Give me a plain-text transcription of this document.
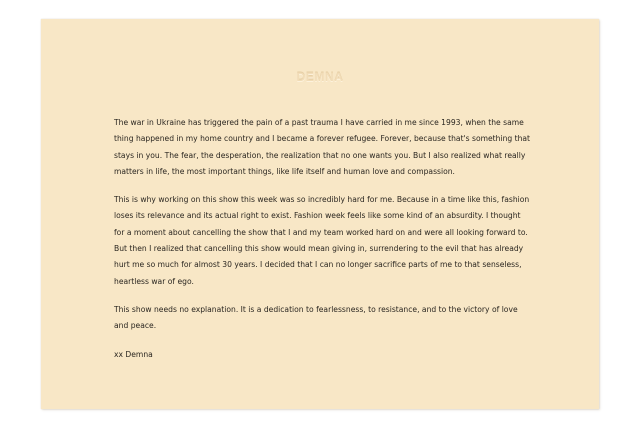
DEMNA

The war in Ukraine has triggered the pain of a past trauma I have carried in me since 1993, when the same thing happened in my home country and I became a forever refugee. Forever, because that's something that stays in you. The fear, the desperation, the realization that no one wants you. But I also realized what really matters in life, the most important things, like life itself and human love and compassion.

This is why working on this show this week was so incredibly hard for me. Because in a time like this, fashion loses its relevance and its actual right to exist. Fashion week feels like some kind of an absurdity. I thought for a moment about cancelling the show that I and my team worked hard on and were all looking forward to. But then I realized that cancelling this show would mean giving in, surrendering to the evil that has already hurt me so much for almost 30 years. I decided that I can no longer sacrifice parts of me to that senseless, heartless war of ego.

This show needs no explanation. It is a dedication to fearlessness, to resistance, and to the victory of love and peace.

xx Demna
